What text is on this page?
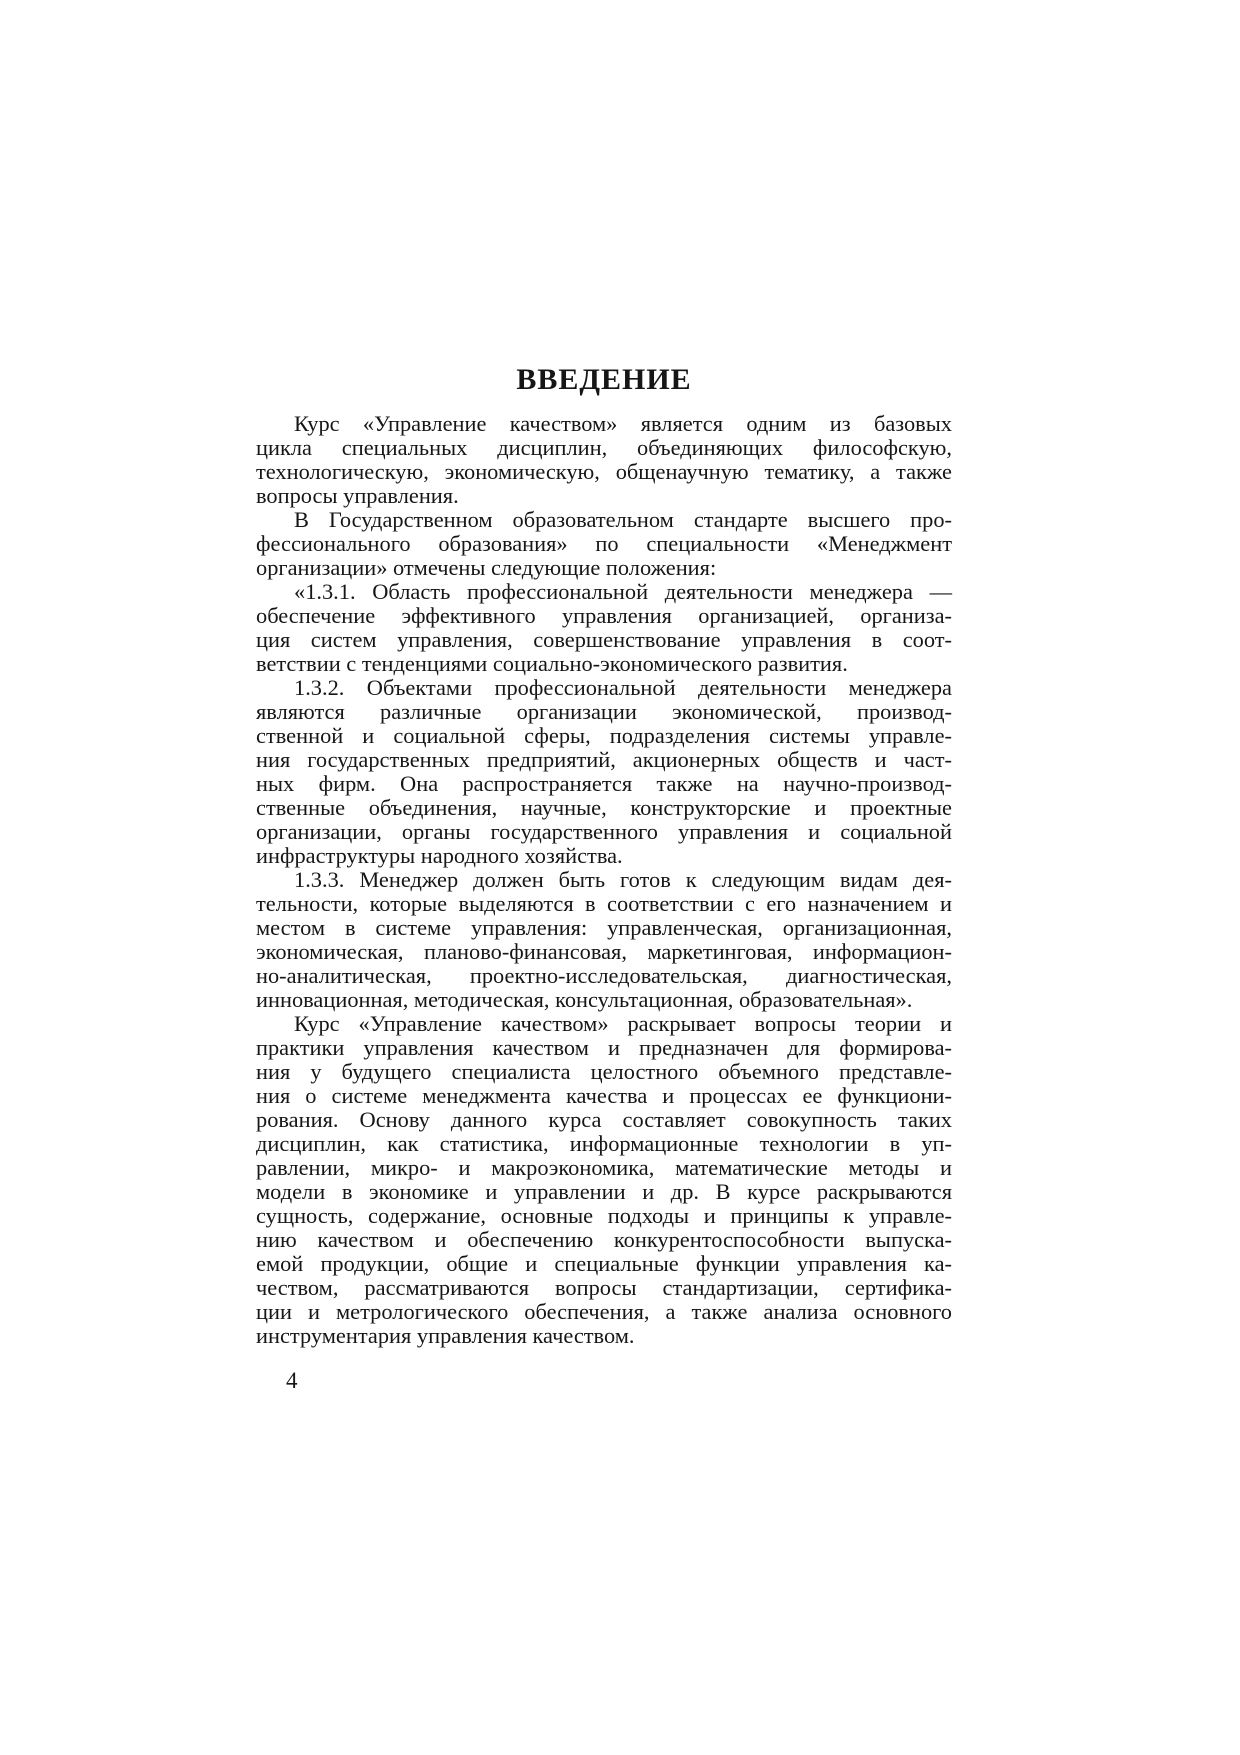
ВВЕДЕНИЕ
Курс «Управление качеством» является одним из базовых
цикла специальных дисциплин, объединяющих философскую,
технологическую, экономическую, общенаучную тематику, а также
вопросы управления.
В Государственном образовательном стандарте высшего про-
фессионального образования» по специальности «Менеджмент
организации» отмечены следующие положения:
«1.3.1. Область профессиональной деятельности менеджера —
обеспечение эффективного управления организацией, организа-
ция систем управления, совершенствование управления в соот-
ветствии с тенденциями социально-экономического развития.
1.3.2. Объектами профессиональной деятельности менеджера
являются различные организации экономической, производ-
ственной и социальной сферы, подразделения системы управле-
ния государственных предприятий, акционерных обществ и част-
ных фирм. Она распространяется также на научно-производ-
ственные объединения, научные, конструкторские и проектные
организации, органы государственного управления и социальной
инфраструктуры народного хозяйства.
1.3.3. Менеджер должен быть готов к следующим видам дея-
тельности, которые выделяются в соответствии с его назначением и
местом в системе управления: управленческая, организационная,
экономическая, планово-финансовая, маркетинговая, информацион-
но-аналитическая, проектно-исследовательская, диагностическая,
инновационная, методическая, консультационная, образовательная».
Курс «Управление качеством» раскрывает вопросы теории и
практики управления качеством и предназначен для формирова-
ния у будущего специалиста целостного объемного представле-
ния о системе менеджмента качества и процессах ее функциони-
рования. Основу данного курса составляет совокупность таких
дисциплин, как статистика, информационные технологии в уп-
равлении, микро- и макроэкономика, математические методы и
модели в экономике и управлении и др. В курсе раскрываются
сущность, содержание, основные подходы и принципы к управле-
нию качеством и обеспечению конкурентоспособности выпуска-
емой продукции, общие и специальные функции управления ка-
чеством, рассматриваются вопросы стандартизации, сертифика-
ции и метрологического обеспечения, а также анализа основного
инструментария управления качеством.
4
